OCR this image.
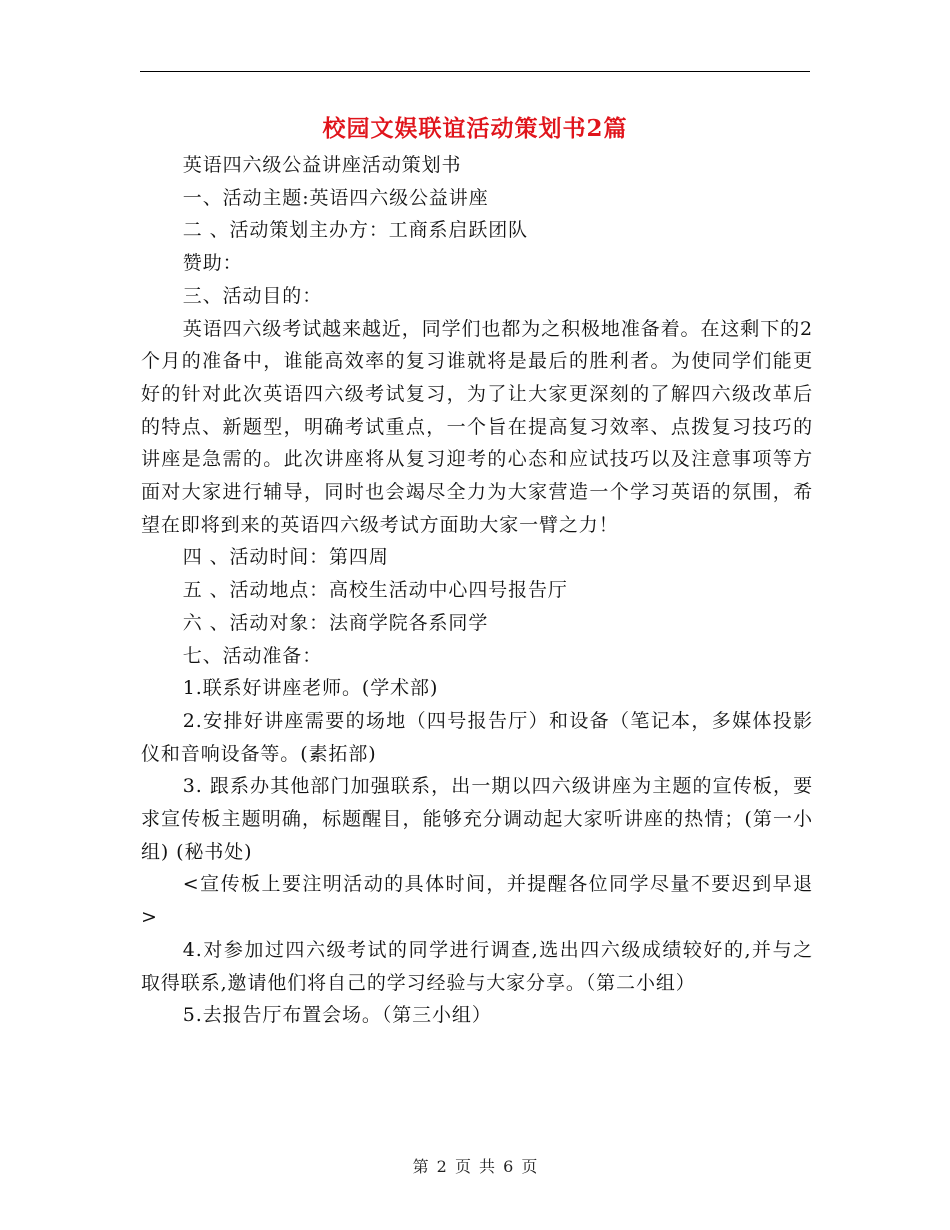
校园文娱联谊活动策划书2篇

英语四六级公益讲座活动策划书

一、活动主题:英语四六级公益讲座

二 、活动策划主办方：工商系启跃团队

赞助：

三、活动目的：

英语四六级考试越来越近，同学们也都为之积极地准备着。在这剩下的2个月的准备中，谁能高效率的复习谁就将是最后的胜利者。为使同学们能更好的针对此次英语四六级考试复习，为了让大家更深刻的了解四六级改革后的特点、新题型，明确考试重点，一个旨在提高复习效率、点拨复习技巧的讲座是急需的。此次讲座将从复习迎考的心态和应试技巧以及注意事项等方面对大家进行辅导，同时也会竭尽全力为大家营造一个学习英语的氛围，希望在即将到来的英语四六级考试方面助大家一臂之力！

四 、活动时间：第四周

五 、活动地点：高校生活动中心四号报告厅

六 、活动对象：法商学院各系同学

七、活动准备：

1.联系好讲座老师。(学术部)

2.安排好讲座需要的场地（四号报告厅）和设备（笔记本，多媒体投影仪和音响设备等。(素拓部)

3. 跟系办其他部门加强联系，出一期以四六级讲座为主题的宣传板，要求宣传板主题明确，标题醒目，能够充分调动起大家听讲座的热情；(第一小组) (秘书处)

<宣传板上要注明活动的具体时间，并提醒各位同学尽量不要迟到早退>

4.对参加过四六级考试的同学进行调查,选出四六级成绩较好的,并与之取得联系,邀请他们将自己的学习经验与大家分享。（第二小组）

5.去报告厅布置会场。（第三小组）

第 2 页 共 6 页
